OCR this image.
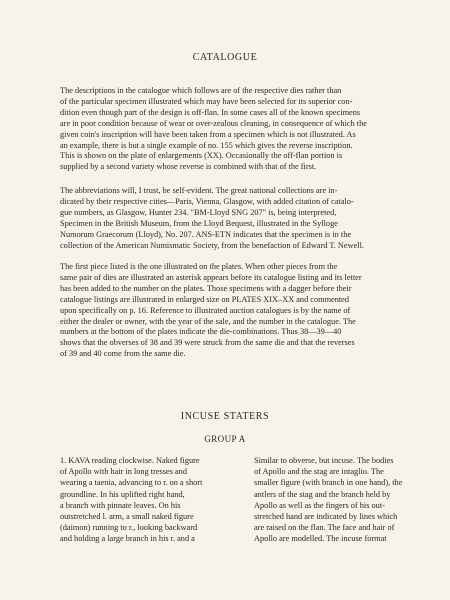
CATALOGUE

The descriptions in the catalogue which follows are of the respective dies rather than
of the particular specimen illustrated which may have been selected for its superior con-
dition even though part of the design is off-flan. In some cases all of the known specimens
are in poor condition because of wear or over-zealous cleaning, in consequence of which the
given coin's inscription will have been taken from a specimen which is not illustrated. As
an example, there is but a single example of no. 155 which gives the reverse inscription.
This is shown on the plate of enlargements (XX). Occasionally the off-flan portion is
supplied by a second variety whose reverse is combined with that of the first.

The abbreviations will, I trust, be self-evident. The great national collections are in-
dicated by their respective cities—Paris, Vienna, Glasgow, with added citation of catalo-
gue numbers, as Glasgow, Hunter 234. "BM-Lloyd SNG 207" is, being interpreted,
Specimen in the British Museum, from the Lloyd Bequest, illustrated in the Sylloge
Numorum Graecorum (Lloyd), No. 207. ANS-ETN indicates that the specimen is in the
collection of the American Numismatic Society, from the benefaction of Edward T. Newell.

The first piece listed is the one illustrated on the plates. When other pieces from the
same pair of dies are illustrated an asterisk appears before its catalogue listing and its letter
has been added to the number on the plates. Those specimens with a dagger before their
catalogue listings are illustrated in enlarged size on PLATES XIX–XX and commented
upon specifically on p. 16. Reference to illustrated auction catalogues is by the name of
either the dealer or owner, with the year of the sale, and the number in the catalogue. The
numbers at the bottom of the plates indicate the die-combinations. Thus 38—39—40
shows that the obverses of 38 and 39 were struck from the same die and that the reverses
of 39 and 40 come from the same die.

INCUSE STATERS
GROUP A

1. KAVA reading clockwise. Naked figure
of Apollo with hair in long tresses and
wearing a taenia, advancing to r. on a short
groundline. In his uplifted right hand,
a branch with pinnate leaves. On his
outstretched l. arm, a small naked figure
(daimon) running to r., looking backward
and holding a large branch in his r. and a

Similar to obverse, but incuse. The bodies
of Apollo and the stag are intaglio. The
smaller figure (with branch in one hand), the
antlers of the stag and the branch held by
Apollo as well as the fingers of his out-
stretched hand are indicated by lines which
are raised on the flan. The face and hair of
Apollo are modelled. The incuse format
